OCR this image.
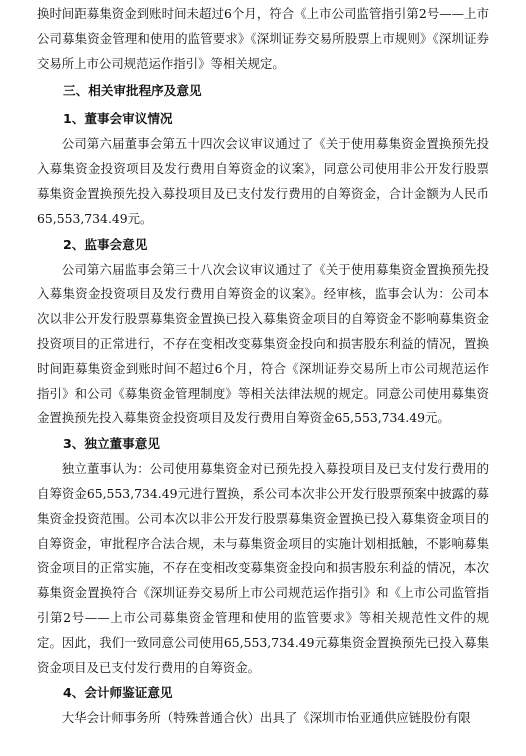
换时间距募集资金到账时间未超过6个月，符合《上市公司监管指引第2号——上市公司募集资金管理和使用的监管要求》《深圳证券交易所股票上市规则》《深圳证券交易所上市公司规范运作指引》等相关规定。

三、相关审批程序及意见
1、董事会审议情况

公司第六届董事会第五十四次会议审议通过了《关于使用募集资金置换预先投入募集资金投资项目及发行费用自筹资金的议案》，同意公司使用非公开发行股票募集资金置换预先投入募投项目及已支付发行费用的自筹资金，合计金额为人民币65,553,734.49元。

2、监事会意见

公司第六届监事会第三十八次会议审议通过了《关于使用募集资金置换预先投入募集资金投资项目及发行费用自筹资金的议案》。经审核，监事会认为：公司本次以非公开发行股票募集资金置换已投入募集资金项目的自筹资金不影响募集资金投资项目的正常进行，不存在变相改变募集资金投向和损害股东利益的情况，置换时间距募集资金到账时间不超过6个月，符合《深圳证券交易所上市公司规范运作指引》和公司《募集资金管理制度》等相关法律法规的规定。同意公司使用募集资金置换预先投入募集资金投资项目及发行费用自筹资金65,553,734.49元。

3、独立董事意见

独立董事认为：公司使用募集资金对已预先投入募投项目及已支付发行费用的自筹资金65,553,734.49元进行置换，系公司本次非公开发行股票预案中披露的募集资金投资范围。公司本次以非公开发行股票募集资金置换已投入募集资金项目的自筹资金，审批程序合法合规，未与募集资金项目的实施计划相抵触，不影响募集资金项目的正常实施，不存在变相改变募集资金投向和损害股东利益的情况，本次募集资金置换符合《深圳证券交易所上市公司规范运作指引》和《上市公司监管指引第2号——上市公司募集资金管理和使用的监管要求》等相关规范性文件的规定。因此，我们一致同意公司使用65,553,734.49元募集资金置换预先已投入募集资金项目及已支付发行费用的自筹资金。

4、会计师鉴证意见

大华会计师事务所（特殊普通合伙）出具了《深圳市怡亚通供应链股份有限
